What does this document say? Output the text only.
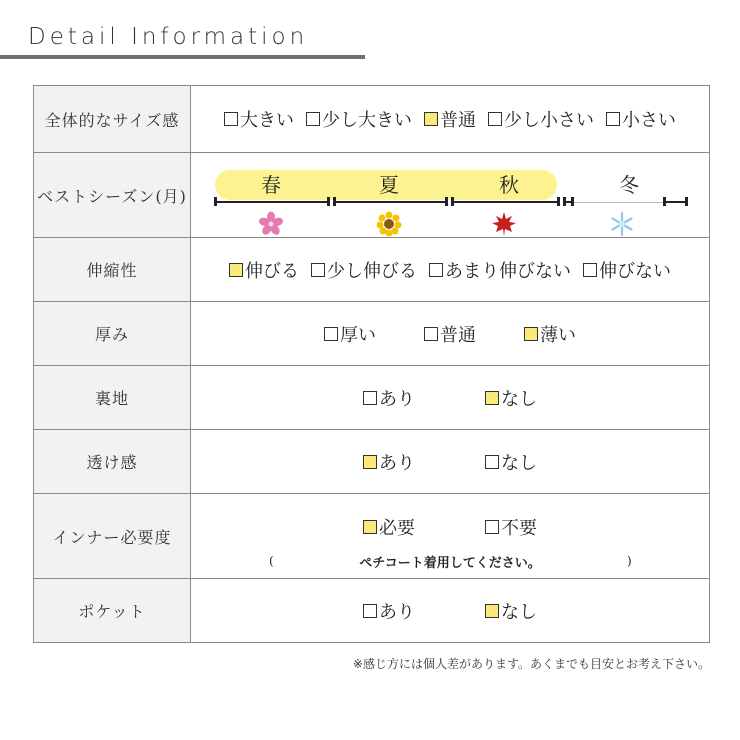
Detail Information
全体的なサイズ感	大きい 少し大きい 普通 少し小さい 小さい

ベストシーズン(月)	春 夏 秋 冬

伸縮性	伸びる 少し伸びる あまり伸びない 伸びない

厚み	厚い 普通 薄い

裏地	あり なし

透け感	あり なし

インナー必要度	必要 不要
( ペチコート着用してください。 )

ポケット	あり なし
※感じ方には個人差があります。あくまでも目安とお考え下さい。
